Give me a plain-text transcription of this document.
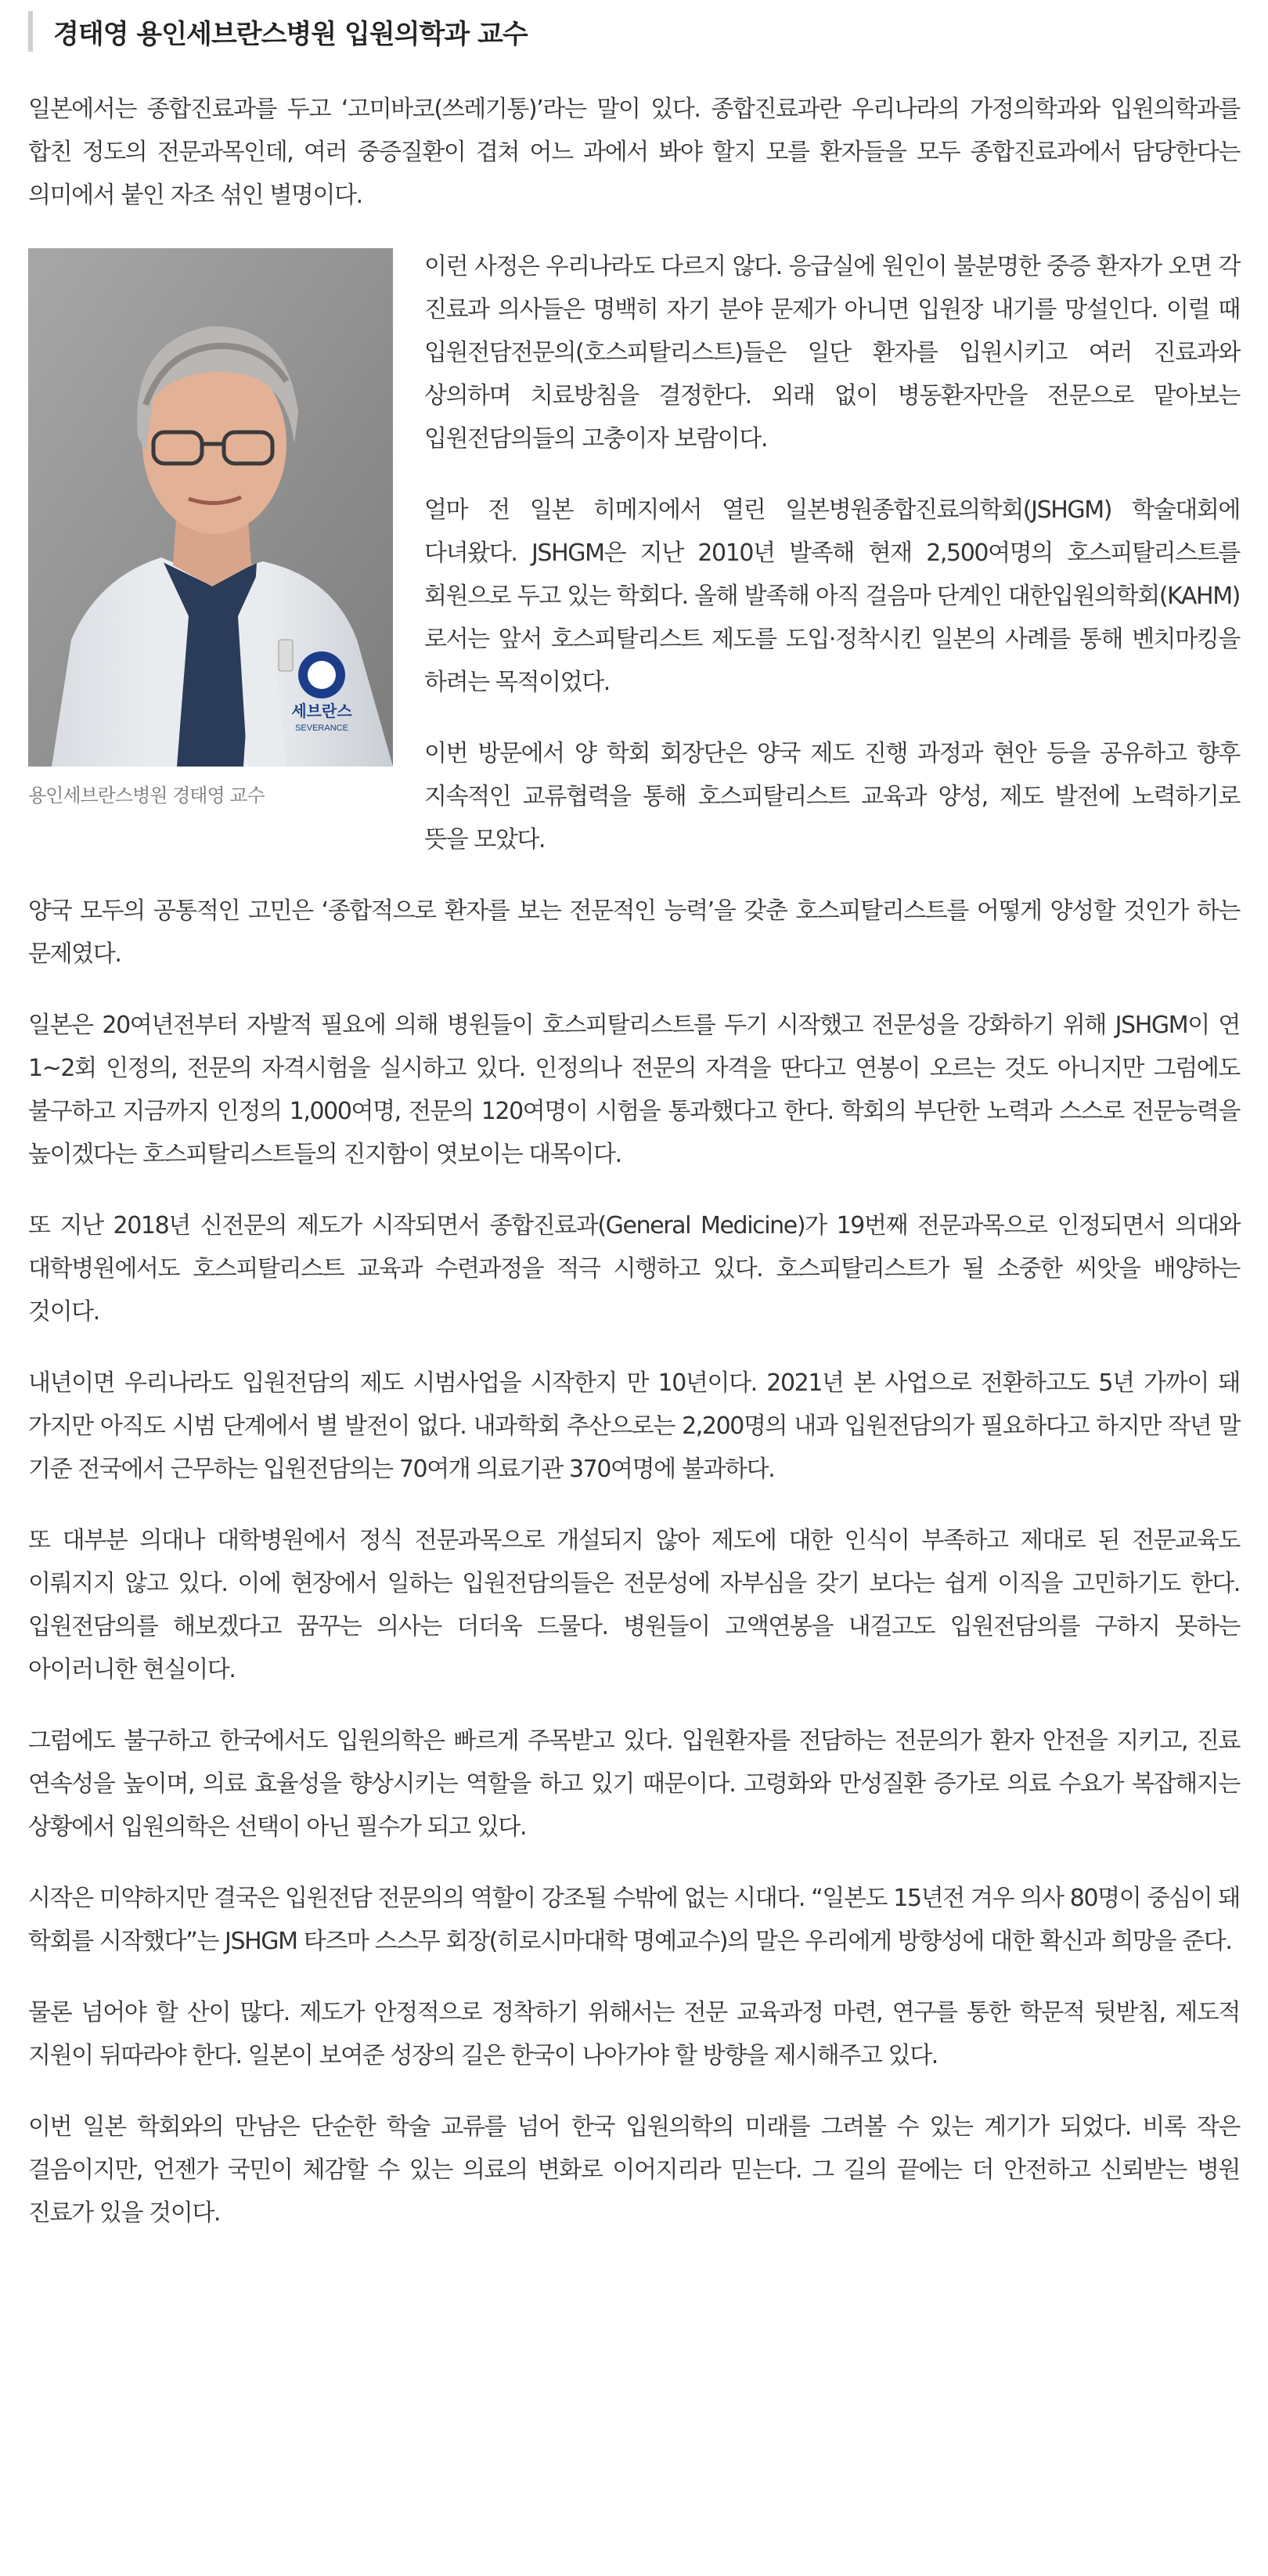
경태영 용인세브란스병원 입원의학과 교수

일본에서는 종합진료과를 두고 ‘고미바코(쓰레기통)’라는 말이 있다. 종합진료과란 우리나라의 가정의학과와 입원의학과를 합친 정도의 전문과목인데, 여러 중증질환이 겹쳐 어느 과에서 봐야 할지 모를 환자들을 모두 종합진료과에서 담당한다는 의미에서 붙인 자조 섞인 별명이다.

세브란스
SEVERANCE
용인세브란스병원 경태영 교수

이런 사정은 우리나라도 다르지 않다. 응급실에 원인이 불분명한 중증 환자가 오면 각 진료과 의사들은 명백히 자기 분야 문제가 아니면 입원장 내기를 망설인다. 이럴 때 입원전담전문의(호스피탈리스트)들은 일단 환자를 입원시키고 여러 진료과와 상의하며 치료방침을 결정한다. 외래 없이 병동환자만을 전문으로 맡아보는 입원전담의들의 고충이자 보람이다.

얼마 전 일본 히메지에서 열린 일본병원종합진료의학회(JSHGM) 학술대회에 다녀왔다. JSHGM은 지난 2010년 발족해 현재 2,500여명의 호스피탈리스트를 회원으로 두고 있는 학회다. 올해 발족해 아직 걸음마 단계인 대한입원의학회(KAHM)로서는 앞서 호스피탈리스트 제도를 도입·정착시킨 일본의 사례를 통해 벤치마킹을 하려는 목적이었다.

이번 방문에서 양 학회 회장단은 양국 제도 진행 과정과 현안 등을 공유하고 향후 지속적인 교류협력을 통해 호스피탈리스트 교육과 양성, 제도 발전에 노력하기로 뜻을 모았다.

양국 모두의 공통적인 고민은 ‘종합적으로 환자를 보는 전문적인 능력’을 갖춘 호스피탈리스트를 어떻게 양성할 것인가 하는 문제였다.

일본은 20여년전부터 자발적 필요에 의해 병원들이 호스피탈리스트를 두기 시작했고 전문성을 강화하기 위해 JSHGM이 연 1~2회 인정의, 전문의 자격시험을 실시하고 있다. 인정의나 전문의 자격을 딴다고 연봉이 오르는 것도 아니지만 그럼에도 불구하고 지금까지 인정의 1,000여명, 전문의 120여명이 시험을 통과했다고 한다. 학회의 부단한 노력과 스스로 전문능력을 높이겠다는 호스피탈리스트들의 진지함이 엿보이는 대목이다.

또 지난 2018년 신전문의 제도가 시작되면서 종합진료과(General Medicine)가 19번째 전문과목으로 인정되면서 의대와 대학병원에서도 호스피탈리스트 교육과 수련과정을 적극 시행하고 있다. 호스피탈리스트가 될 소중한 씨앗을 배양하는 것이다.

내년이면 우리나라도 입원전담의 제도 시범사업을 시작한지 만 10년이다. 2021년 본 사업으로 전환하고도 5년 가까이 돼 가지만 아직도 시범 단계에서 별 발전이 없다. 내과학회 추산으로는 2,200명의 내과 입원전담의가 필요하다고 하지만 작년 말 기준 전국에서 근무하는 입원전담의는 70여개 의료기관 370여명에 불과하다.

또 대부분 의대나 대학병원에서 정식 전문과목으로 개설되지 않아 제도에 대한 인식이 부족하고 제대로 된 전문교육도 이뤄지지 않고 있다. 이에 현장에서 일하는 입원전담의들은 전문성에 자부심을 갖기 보다는 쉽게 이직을 고민하기도 한다. 입원전담의를 해보겠다고 꿈꾸는 의사는 더더욱 드물다. 병원들이 고액연봉을 내걸고도 입원전담의를 구하지 못하는 아이러니한 현실이다.

그럼에도 불구하고 한국에서도 입원의학은 빠르게 주목받고 있다. 입원환자를 전담하는 전문의가 환자 안전을 지키고, 진료 연속성을 높이며, 의료 효율성을 향상시키는 역할을 하고 있기 때문이다. 고령화와 만성질환 증가로 의료 수요가 복잡해지는 상황에서 입원의학은 선택이 아닌 필수가 되고 있다.

시작은 미약하지만 결국은 입원전담 전문의의 역할이 강조될 수밖에 없는 시대다. “일본도 15년전 겨우 의사 80명이 중심이 돼 학회를 시작했다”는 JSHGM 타즈마 스스무 회장(히로시마대학 명예교수)의 말은 우리에게 방향성에 대한 확신과 희망을 준다.

물론 넘어야 할 산이 많다. 제도가 안정적으로 정착하기 위해서는 전문 교육과정 마련, 연구를 통한 학문적 뒷받침, 제도적 지원이 뒤따라야 한다. 일본이 보여준 성장의 길은 한국이 나아가야 할 방향을 제시해주고 있다.

이번 일본 학회와의 만남은 단순한 학술 교류를 넘어 한국 입원의학의 미래를 그려볼 수 있는 계기가 되었다. 비록 작은 걸음이지만, 언젠가 국민이 체감할 수 있는 의료의 변화로 이어지리라 믿는다. 그 길의 끝에는 더 안전하고 신뢰받는 병원 진료가 있을 것이다.
